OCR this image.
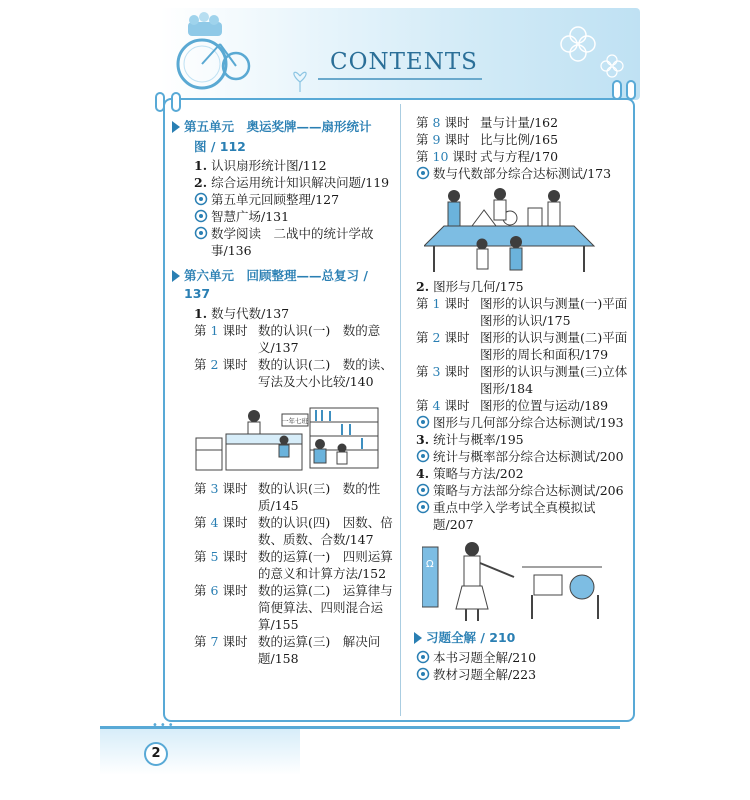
CONTENTS
第五单元　奥运奖牌——扇形统计
图 / 112
1. 认识扇形统计图/112
2. 综合运用统计知识解决问题/119
第五单元回顾整理/127
智慧广场/131
数学阅读　二战中的统计学故事/136
第六单元　回顾整理——总复习 / 137
1. 数与代数/137
第 1 课时 数的认识(一)　数的意义/137
第 2 课时 数的认识(二)　数的读、写法及大小比较/140
一年七班
第 3 课时 数的认识(三)　数的性质/145
第 4 课时 数的认识(四)　因数、倍数、质数、合数/147
第 5 课时 数的运算(一)　四则运算的意义和计算方法/152
第 6 课时 数的运算(二)　运算律与简便算法、四则混合运算/155
第 7 课时 数的运算(三)　解决问题/158
第 8 课时 量与计量/162
第 9 课时 比与比例/165
第 10 课时 式与方程/170
数与代数部分综合达标测试/173
2. 图形与几何/175
第 1 课时 图形的认识与测量(一)平面图形的认识/175
第 2 课时 图形的认识与测量(二)平面图形的周长和面积/179
第 3 课时 图形的认识与测量(三)立体图形/184
第 4 课时 图形的位置与运动/189
图形与几何部分综合达标测试/193
3. 统计与概率/195
统计与概率部分综合达标测试/200
4. 策略与方法/202
策略与方法部分综合达标测试/206
重点中学入学考试全真模拟试题/207
Ω
习题全解 / 210
本书习题全解/210
教材习题全解/223
•••
2
